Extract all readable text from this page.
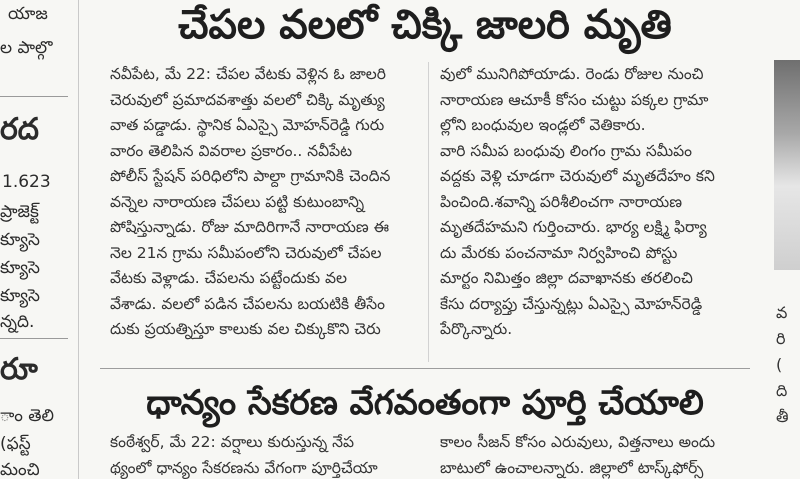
యాజ
ల పాల్గొ
రద
1.623
ప్రాజెక్ట్
క్యూసె
క్యూసె
క్యూసె
న్నది.
రూ
ాం తెలి
(ఫస్ట్
మంచి
చేపల వలలో చిక్కి జాలరి మృతి
నవీపేట, మే 22: చేపల వేటకు వెళ్లిన ఓ జాలరి
చెరువులో ప్రమాదవశాత్తు వలలో చిక్కి మృత్యు
వాత పడ్డాడు. స్థానిక ఏఎస్సై మోహన్‌రెడ్డి గురు
వారం తెలిపిన వివరాల ప్రకారం.. నవీపేట
పోలీస్ స్టేషన్ పరిధిలోని పాల్దా గ్రామానికి చెందిన
వన్నెల నారాయణ చేపలు పట్టి కుటుంబాన్ని
పోషిస్తున్నాడు. రోజు మాదిరిగానే నారాయణ ఈ
నెల 21న గ్రామ సమీపంలోని చెరువులో చేపల
వేటకు వెళ్లాడు. చేపలను పట్టేందుకు వల
వేశాడు. వలలో పడిన చేపలను బయటికి తీసేం
దుకు ప్రయత్నిస్తూ కాలుకు వల చిక్కుకొని చెరు
వులో మునిగిపోయాడు. రెండు రోజుల నుంచి
నారాయణ ఆచూకీ కోసం చుట్టు పక్కల గ్రామా
ల్లోని బంధువుల ఇండ్లలో వెతికారు.
వారి సమీప బంధువు లింగం గ్రామ సమీపం
వద్దకు వెళ్లి చూడగా చెరువులో మృతదేహం కని
పించింది.శవాన్ని పరిశీలించగా నారాయణ
మృతదేహమని గుర్తించారు. భార్య లక్ష్మి ఫిర్యా
దు మేరకు పంచనామా నిర్వహించి పోస్టు
మార్టం నిమిత్తం జిల్లా దవాఖానకు తరలించి
కేసు దర్యాప్తు చేస్తున్నట్లు ఏఎస్సై మోహన్‌రెడ్డి
పేర్కొన్నారు.
ధాన్యం సేకరణ వేగవంతంగా పూర్తి చేయాలి
కంఠేశ్వర్, మే 22: వర్షాలు కురుస్తున్న నేప
థ్యంలో ధాన్యం సేకరణను వేగంగా పూర్తిచేయా
కాలం సీజన్ కోసం ఎరువులు, విత్తనాలు అందు
బాటులో ఉంచాలన్నారు. జిల్లాలో టాస్క్‌ఫోర్స్
వ
రి
(
ది
తీ
